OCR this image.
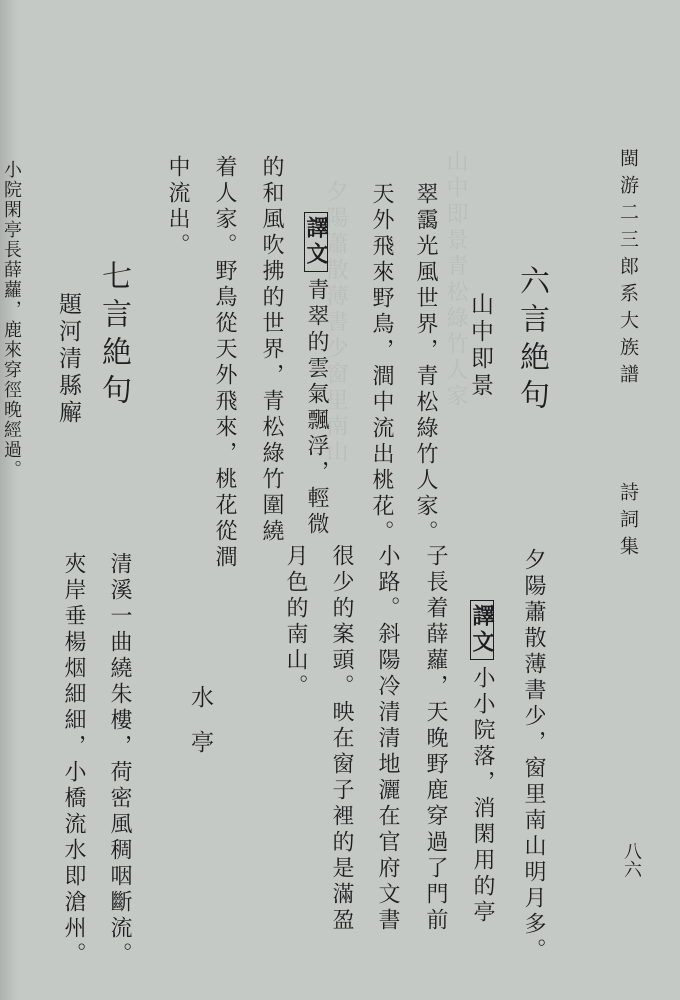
山中即景青松綠竹人家
夕陽蕭散薄書少窗里南山	閩游二三郎系大族譜
詩詞集
八六
六言絶句
山中即景
翠靄光風世界，青松綠竹人家。
天外飛來野鳥，澗中流出桃花。
譯文青翠的雲氣飄浮，輕微
的和風吹拂的世界，青松綠竹圍繞
着人家。野鳥從天外飛來，桃花從澗
中流出。
七言絶句
題河清縣廨
夕陽蕭散薄書少，窗里南山明月多。
譯文小小院落，消閑用的亭
子長着薛蘿，天晚野鹿穿過了門前
小路。斜陽冷清清地灑在官府文書
很少的案頭。映在窗子裡的是滿盈
月色的南山。
水亭
清溪一曲繞朱樓，荷密風稠咽斷流。
夾岸垂楊烟細細，小橋流水即滄州。
小院閑亭長薛蘿，鹿來穿徑晚經過。
